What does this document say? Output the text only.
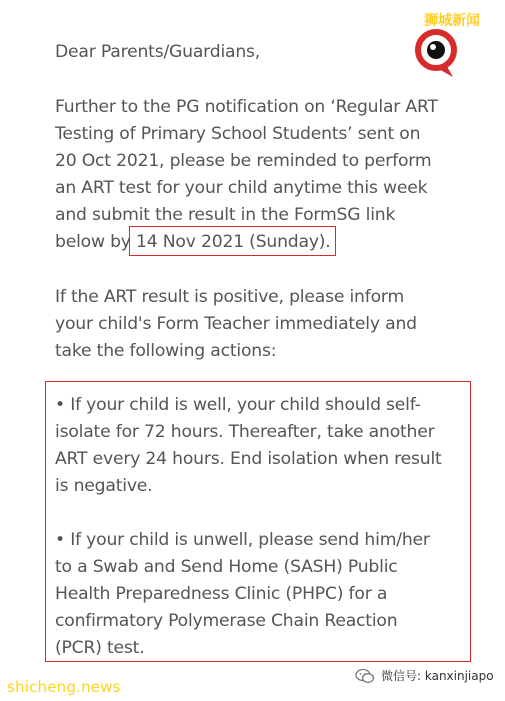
狮城新闻
Dear Parents/Guardians,
Further to the PG notification on ‘Regular ART
Testing of Primary School Students’ sent on
20 Oct 2021, please be reminded to perform
an ART test for your child anytime this week
and submit the result in the FormSG link
below by 14 Nov 2021 (Sunday).
If the ART result is positive, please inform
your child's Form Teacher immediately and
take the following actions:
• If your child is well, your child should self-
isolate for 72 hours. Thereafter, take another
ART every 24 hours. End isolation when result
is negative.
• If your child is unwell, please send him/her
to a Swab and Send Home (SASH) Public
Health Preparedness Clinic (PHPC) for a
confirmatory Polymerase Chain Reaction
(PCR) test.
shicheng.news
微信号: kanxinjiapo
